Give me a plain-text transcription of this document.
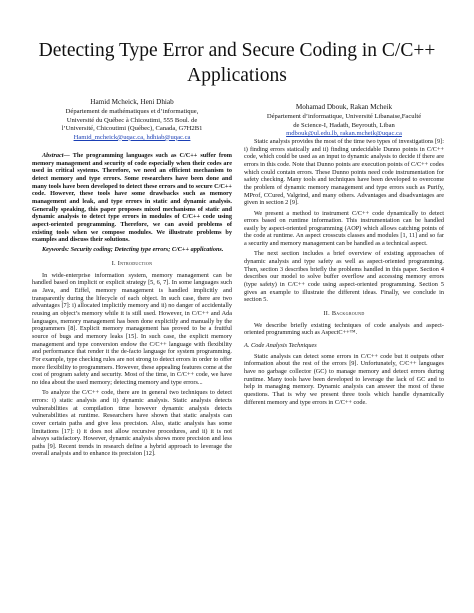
Detecting Type Error and Secure Coding in C/C++ Applications
Hamid Mcheick, Heni Dhiab
Département de mathématiques et d’informatique,
Université du Québec à Chicoutimi, 555 Boul. de
l’Université, Chicoutimi (Québec), Canada, G7H2B1
Hamid_mcheick@uqac.ca, hdhiab@uqac.ca
Mohamad Dbouk, Rakan Mcheik
Département d’informatique, Université Libanaise,Faculté
de Science-I, Hadath, Beyrouth, Liban
mdbouk@ul.edu.lb, rakan.mcheik@uqac.ca

Abstract— The programming languages such as C/C++ suffer from memory management and security of code especially when their codes are used in critical systems. Therefore, we need an efficient mechanism to detect memory and type errors. Some researchers have been done and many tools have been developed to detect these errors and to secure C/C++ code. However, these tools have some drawbacks such as memory management and leak, and type errors in static and dynamic analysis. Generally speaking, this paper proposes mixed mechanisms of static and dynamic analysis to detect type errors in modules of C/C++ code using aspect-oriented programming. Therefore, we can avoid problems of existing tools when we compose modules. We illustrate problems by examples and discuss their solutions.

Keywords: Security coding; Detecting type errors; C/C++ applications.

I. Introduction

In wide-enterprise information system, memory management can be handled based on implicit or explicit strategy [5, 6, 7]. In some languages such as Java, and Eiffel, memory management is handled implicitly and transparently during the lifecycle of each object. In such case, there are two advantages [7]: i) allocated implicitly memory and ii) no danger of accidentally reusing an object’s memory while it is still used. However, in C/C++ and Ada languages, memory management has been done explicitly and manually by the programmers [8]. Explicit memory management has proved to be a fruitful source of bugs and memory leaks [15]. In such case, the explicit memory management and type conversion endow the C/C++ language with flexibility and performance that render it the de-facto language for system programming. For example, type checking rules are not strong to detect errors in order to offer more flexibility to programmers. However, these appealing features come at the cost of program safety and security. Most of the time, in C/C++ code, we have no idea about the used memory; detecting memory and type errors...

To analyze the C/C++ code, there are in general two techniques to detect errors: i) static analysis and ii) dynamic analysis. Static analysis detects vulnerabilities at compilation time however dynamic analysis detects vulnerabilities at runtime. Researchers have shown that static analysis can cover certain paths and give less precision. Also, static analysis has some limitations [17]: i) it does not allow recursive procedures, and ii) it is not always satisfactory. However, dynamic analysis shows more precision and less paths [9]. Recent trends in research define a hybrid approach to leverage the overall analysis and to enhance its precision [12].

Static analysis provides the most of the time two types of investigations [9]: i) finding errors statically and ii) finding undecidable Dunno points in C/C++ code, which could be used as an input to dynamic analysis to decide if there are errors in this code. Note that Dunno points are execution points of C/C++ codes which could contain errors. These Dunno points need code instrumentation for safety checking. Many tools and techniques have been developed to overcome the problem of dynamic memory management and type errors such as Purify, MProf, CCured, Valgrind, and many others. Advantages and disadvantages are given in section 2 [9].

We present a method to instrument C/C++ code dynamically to detect errors based on runtime information. This instrumentation can be handled easily by aspect-oriented programming (AOP) which allows catching points of the code at runtime. An aspect crosscuts classes and modules [1, 11] and so far a security and memory management can be handled as a technical aspect.

The next section includes a brief overview of existing approaches of dynamic analysis and type safety as well as aspect-oriented programming. Then, section 3 describes briefly the problems handled in this paper. Section 4 describes our model to solve buffer overflow and accessing memory errors (type safety) in C/C++ code using aspect-oriented programming. Section 5 gives an example to illustrate the different ideas. Finally, we conclude in section 5.

II. Background

We describe briefly existing techniques of code analysis and aspect-oriented programming such as AspectC++™.

A. Code Analysis Techniques

Static analysis can detect some errors in C/C++ code but it outputs other information about the rest of the errors [9]. Unfortunately, C/C++ languages have no garbage collector (GC) to manage memory and detect errors during runtime. Many tools have been developed to leverage the lack of GC and to help in managing memory. Dynamic analysis can answer the most of these questions. That is why we present three tools which handle dynamically different memory and type errors in C/C++ code.
